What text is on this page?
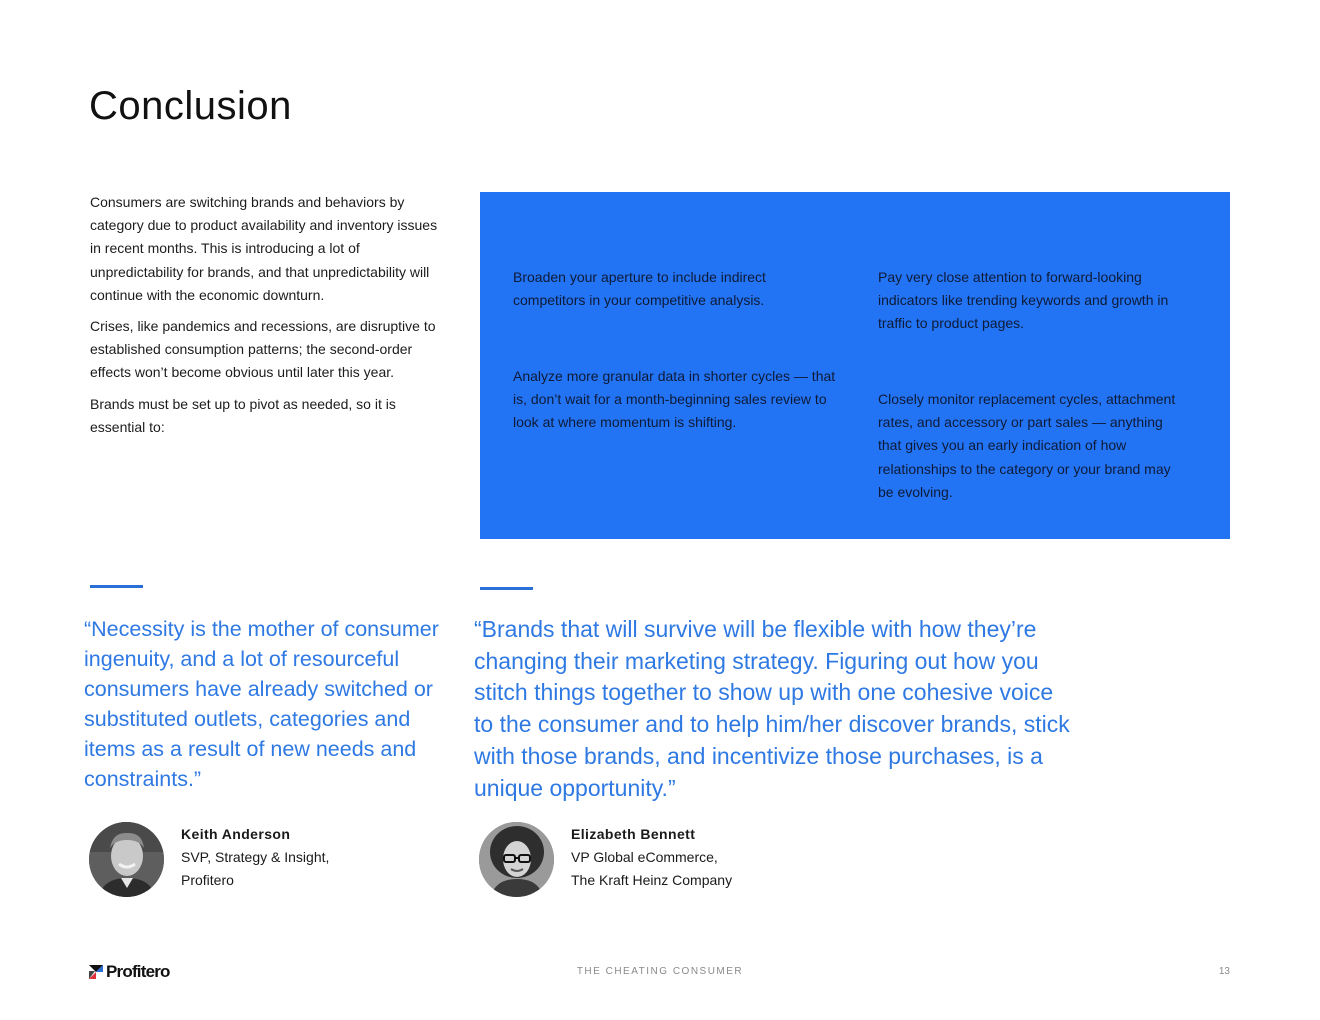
Conclusion

Consumers are switching brands and behaviors by category due to product availability and inventory issues in recent months. This is introducing a lot of unpredictability for brands, and that unpredictability will continue with the economic downturn.

Crises, like pandemics and recessions, are disruptive to established consumption patterns; the second-order effects won’t become obvious until later this year.

Brands must be set up to pivot as needed, so it is essential to:

Broaden your aperture to include indirect competitors in your competitive analysis.
Pay very close attention to forward-looking indicators like trending keywords and growth in traffic to product pages.
Analyze more granular data in shorter cycles — that is, don’t wait for a month-beginning sales review to look at where momentum is shifting.
Closely monitor replacement cycles, attachment rates, and accessory or part sales — anything that gives you an early indication of how relationships to the category or your brand may be evolving.

“Necessity is the mother of consumer ingenuity, and a lot of resourceful consumers have already switched or substituted outlets, categories and items as a result of new needs and constraints.”

“Brands that will survive will be flexible with how they’re changing their marketing strategy. Figuring out how you stitch things together to show up with one cohesive voice to the consumer and to help him/her discover brands, stick with those brands, and incentivize those purchases, is a unique opportunity.”

Keith Anderson
SVP, Strategy & Insight,
Profitero
Elizabeth Bennett
VP Global eCommerce,
The Kraft Heinz Company
Profitero	THE CHEATING CONSUMER	13
